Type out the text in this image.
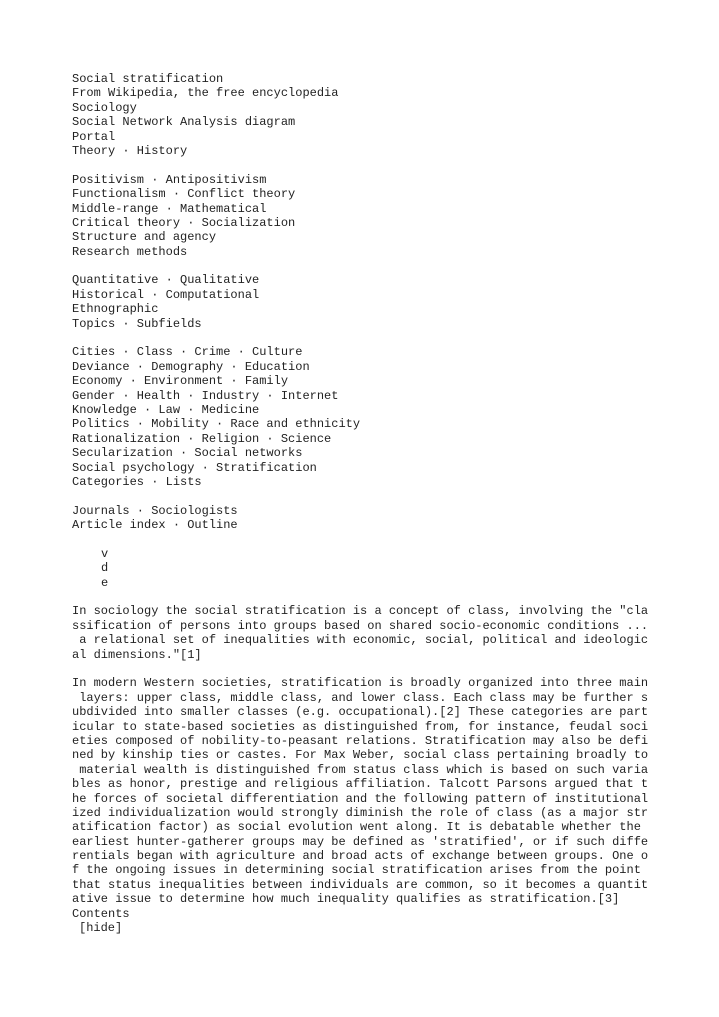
Social stratification
From Wikipedia, the free encyclopedia
Sociology
Social Network Analysis diagram
Portal
Theory · History
Positivism · Antipositivism
Functionalism · Conflict theory
Middle-range · Mathematical
Critical theory · Socialization
Structure and agency
Research methods
Quantitative · Qualitative
Historical · Computational
Ethnographic
Topics · Subfields
Cities · Class · Crime · Culture
Deviance · Demography · Education
Economy · Environment · Family
Gender · Health · Industry · Internet
Knowledge · Law · Medicine
Politics · Mobility · Race and ethnicity
Rationalization · Religion · Science
Secularization · Social networks
Social psychology · Stratification
Categories · Lists
Journals · Sociologists
Article index · Outline
v
d
e
In sociology the social stratification is a concept of class, involving the "cla
ssification of persons into groups based on shared socio-economic conditions ...
a relational set of inequalities with economic, social, political and ideologic
al dimensions."[1]
In modern Western societies, stratification is broadly organized into three main
layers: upper class, middle class, and lower class. Each class may be further s
ubdivided into smaller classes (e.g. occupational).[2] These categories are part
icular to state-based societies as distinguished from, for instance, feudal soci
eties composed of nobility-to-peasant relations. Stratification may also be defi
ned by kinship ties or castes. For Max Weber, social class pertaining broadly to
material wealth is distinguished from status class which is based on such varia
bles as honor, prestige and religious affiliation. Talcott Parsons argued that t
he forces of societal differentiation and the following pattern of institutional
ized individualization would strongly diminish the role of class (as a major str
atification factor) as social evolution went along. It is debatable whether the
earliest hunter-gatherer groups may be defined as 'stratified', or if such diffe
rentials began with agriculture and broad acts of exchange between groups. One o
f the ongoing issues in determining social stratification arises from the point
that status inequalities between individuals are common, so it becomes a quantit
ative issue to determine how much inequality qualifies as stratification.[3]
Contents
[hide]
